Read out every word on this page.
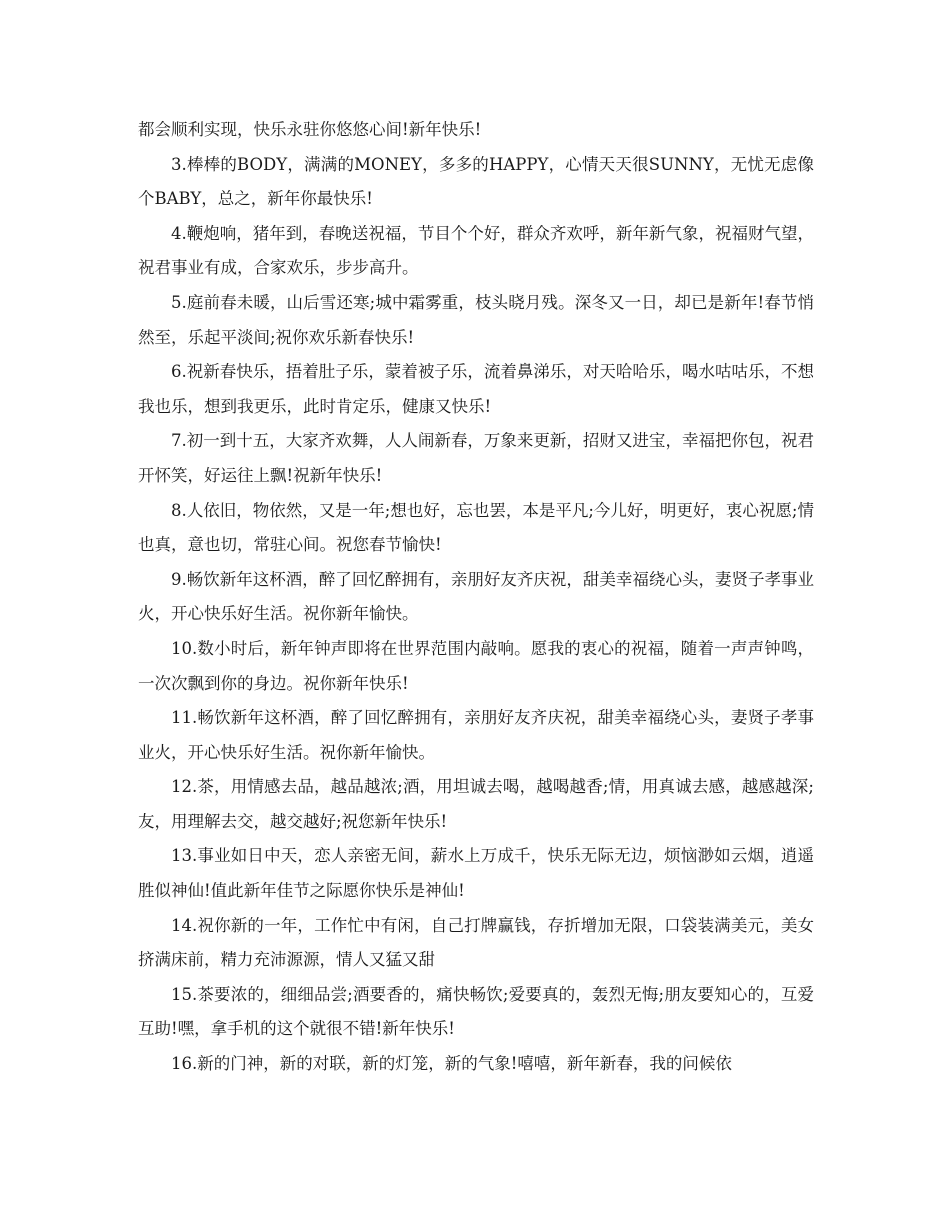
都会顺利实现，快乐永驻你悠悠心间!新年快乐!

3.棒棒的BODY，满满的MONEY，多多的HAPPY，心情天天很SUNNY，无忧无虑像个BABY，总之，新年你最快乐!

4.鞭炮响，猪年到，春晚送祝福，节目个个好，群众齐欢呼，新年新气象，祝福财气望，祝君事业有成，合家欢乐，步步高升。

5.庭前春未暖，山后雪还寒;城中霜雾重，枝头晓月残。深冬又一日，却已是新年!春节悄然至，乐起平淡间;祝你欢乐新春快乐!

6.祝新春快乐，捂着肚子乐，蒙着被子乐，流着鼻涕乐，对天哈哈乐，喝水咕咕乐，不想我也乐，想到我更乐，此时肯定乐，健康又快乐!

7.初一到十五，大家齐欢舞，人人闹新春，万象来更新，招财又进宝，幸福把你包，祝君开怀笑，好运往上飘!祝新年快乐!

8.人依旧，物依然，又是一年;想也好，忘也罢，本是平凡;今儿好，明更好，衷心祝愿;情也真，意也切，常驻心间。祝您春节愉快!

9.畅饮新年这杯酒，醉了回忆醉拥有，亲朋好友齐庆祝，甜美幸福绕心头，妻贤子孝事业火，开心快乐好生活。祝你新年愉快。

10.数小时后，新年钟声即将在世界范围内敲响。愿我的衷心的祝福，随着一声声钟鸣，一次次飘到你的身边。祝你新年快乐!

11.畅饮新年这杯酒，醉了回忆醉拥有，亲朋好友齐庆祝，甜美幸福绕心头，妻贤子孝事业火，开心快乐好生活。祝你新年愉快。

12.茶，用情感去品，越品越浓;酒，用坦诚去喝，越喝越香;情，用真诚去感，越感越深;友，用理解去交，越交越好;祝您新年快乐!

13.事业如日中天，恋人亲密无间，薪水上万成千，快乐无际无边，烦恼渺如云烟，逍遥胜似神仙!值此新年佳节之际愿你快乐是神仙!

14.祝你新的一年，工作忙中有闲，自己打牌赢钱，存折增加无限，口袋装满美元，美女挤满床前，精力充沛源源，情人又猛又甜

15.茶要浓的，细细品尝;酒要香的，痛快畅饮;爱要真的，轰烈无悔;朋友要知心的，互爱互助!嘿，拿手机的这个就很不错!新年快乐!

16.新的门神，新的对联，新的灯笼，新的气象!嘻嘻，新年新春，我的问候依
